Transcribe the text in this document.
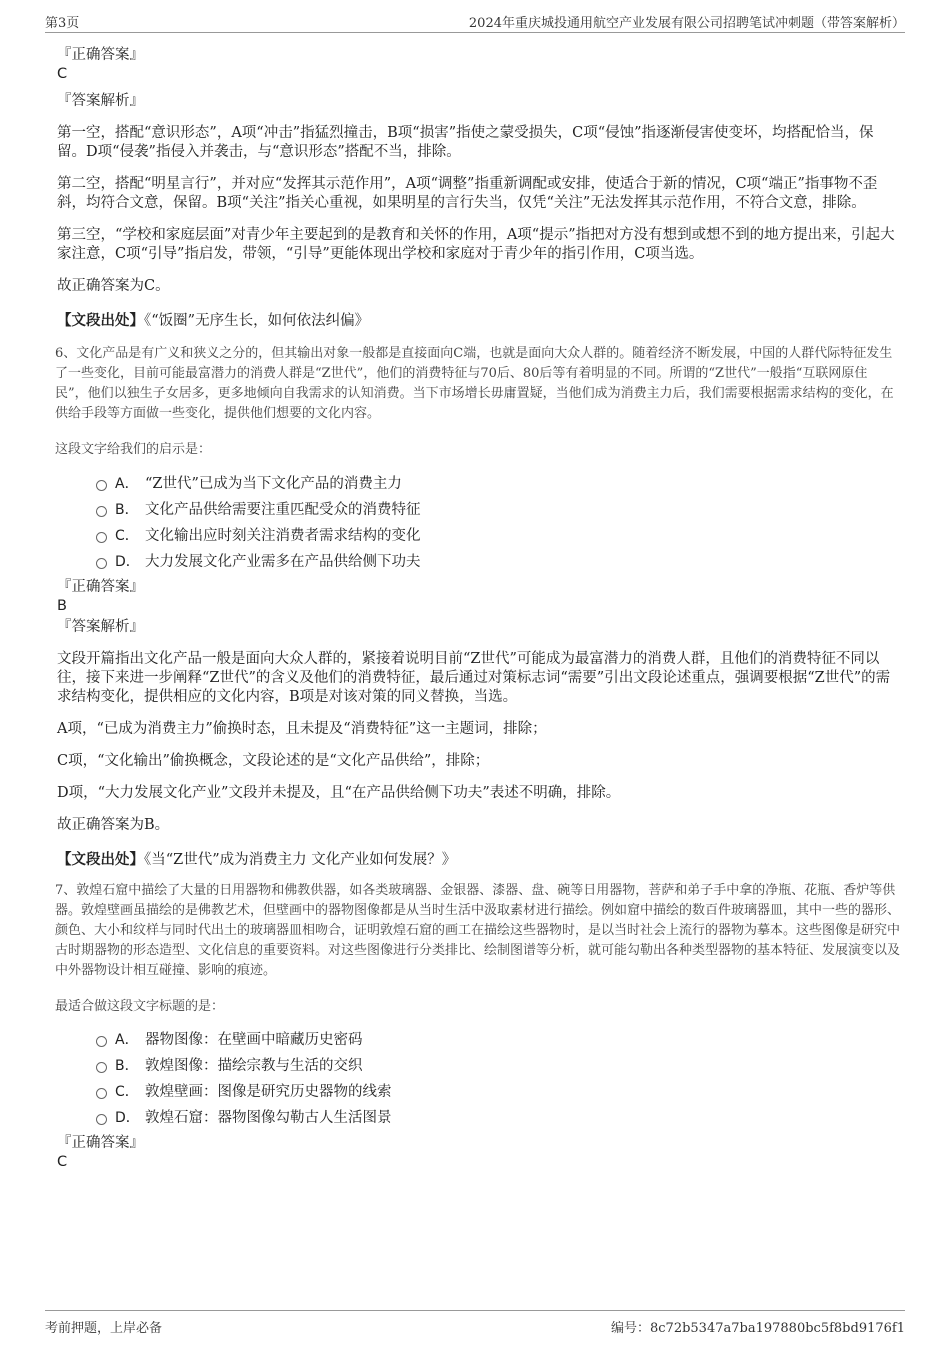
第3页	2024年重庆城投通用航空产业发展有限公司招聘笔试冲刺题（带答案解析）
『正确答案』
C
『答案解析』

第一空，搭配“意识形态”，A项“冲击”指猛烈撞击，B项“损害”指使之蒙受损失，C项“侵蚀”指逐渐侵害使变坏，均搭配恰当，保留。D项“侵袭”指侵入并袭击，与“意识形态”搭配不当，排除。

第二空，搭配“明星言行”，并对应“发挥其示范作用”，A项“调整”指重新调配或安排，使适合于新的情况，C项“端正”指事物不歪斜，均符合文意，保留。B项“关注”指关心重视，如果明星的言行失当，仅凭“关注”无法发挥其示范作用，不符合文意，排除。

第三空，“学校和家庭层面”对青少年主要起到的是教育和关怀的作用，A项“提示”指把对方没有想到或想不到的地方提出来，引起大家注意，C项“引导”指启发，带领，“引导”更能体现出学校和家庭对于青少年的指引作用，C项当选。

故正确答案为C。

【文段出处】《“饭圈”无序生长，如何依法纠偏》

6、文化产品是有广义和狭义之分的，但其输出对象一般都是直接面向C端，也就是面向大众人群的。随着经济不断发展，中国的人群代际特征发生了一些变化，目前可能最富潜力的消费人群是“Z世代”，他们的消费特征与70后、80后等有着明显的不同。所谓的“Z世代”一般指“互联网原住民”，他们以独生子女居多，更多地倾向自我需求的认知消费。当下市场增长毋庸置疑，当他们成为消费主力后，我们需要根据需求结构的变化，在供给手段等方面做一些变化，提供他们想要的文化内容。

这段文字给我们的启示是：

A． “Z世代”已成为当下文化产品的消费主力
B． 文化产品供给需要注重匹配受众的消费特征
C． 文化输出应时刻关注消费者需求结构的变化
D． 大力发展文化产业需多在产品供给侧下功夫
『正确答案』
B
『答案解析』

文段开篇指出文化产品一般是面向大众人群的，紧接着说明目前“Z世代”可能成为最富潜力的消费人群，且他们的消费特征不同以往，接下来进一步阐释“Z世代”的含义及他们的消费特征，最后通过对策标志词“需要”引出文段论述重点，强调要根据“Z世代”的需求结构变化，提供相应的文化内容，B项是对该对策的同义替换，当选。

A项，“已成为消费主力”偷换时态，且未提及“消费特征”这一主题词，排除；

C项，“文化输出”偷换概念，文段论述的是“文化产品供给”，排除；

D项，“大力发展文化产业”文段并未提及，且“在产品供给侧下功夫”表述不明确，排除。

故正确答案为B。

【文段出处】《当“Z世代”成为消费主力 文化产业如何发展？》

7、敦煌石窟中描绘了大量的日用器物和佛教供器，如各类玻璃器、金银器、漆器、盘、碗等日用器物，菩萨和弟子手中拿的净瓶、花瓶、香炉等供器。敦煌壁画虽描绘的是佛教艺术，但壁画中的器物图像都是从当时生活中汲取素材进行描绘。例如窟中描绘的数百件玻璃器皿，其中一些的器形、颜色、大小和纹样与同时代出土的玻璃器皿相吻合，证明敦煌石窟的画工在描绘这些器物时，是以当时社会上流行的器物为摹本。这些图像是研究中古时期器物的形态造型、文化信息的重要资料。对这些图像进行分类排比、绘制图谱等分析，就可能勾勒出各种类型器物的基本特征、发展演变以及中外器物设计相互碰撞、影响的痕迹。

最适合做这段文字标题的是：

A． 器物图像：在壁画中暗藏历史密码
B． 敦煌图像：描绘宗教与生活的交织
C． 敦煌壁画：图像是研究历史器物的线索
D． 敦煌石窟：器物图像勾勒古人生活图景
『正确答案』
C
考前押题，上岸必备	编号：8c72b5347a7ba197880bc5f8bd9176f1
